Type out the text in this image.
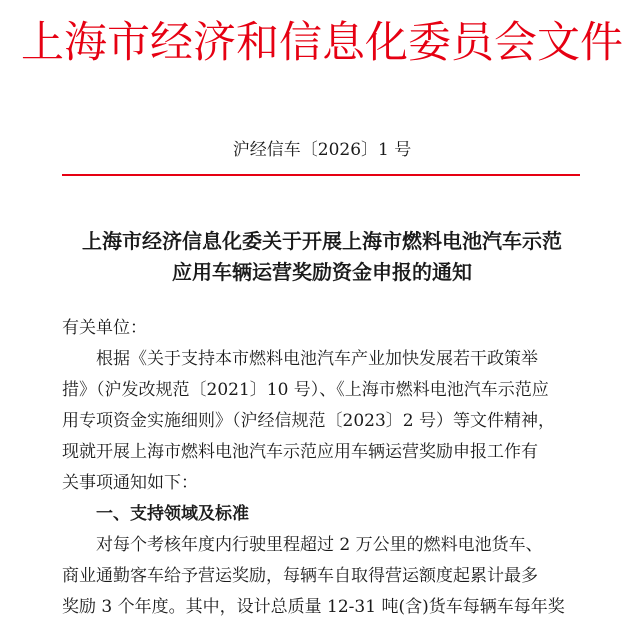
上海市经济和信息化委员会文件
沪经信车〔2026〕1 号
上海市经济信息化委关于开展上海市燃料电池汽车示范
应用车辆运营奖励资金申报的通知
有关单位：
根据《关于支持本市燃料电池汽车产业加快发展若干政策举
措》（沪发改规范〔2021〕10 号）、《上海市燃料电池汽车示范应
用专项资金实施细则》（沪经信规范〔2023〕2 号）等文件精神，
现就开展上海市燃料电池汽车示范应用车辆运营奖励申报工作有
关事项通知如下：
一、支持领域及标准
对每个考核年度内行驶里程超过 2 万公里的燃料电池货车、
商业通勤客车给予营运奖励，每辆车自取得营运额度起累计最多
奖励 3 个年度。其中，设计总质量 12-31 吨(含)货车每辆车每年奖
